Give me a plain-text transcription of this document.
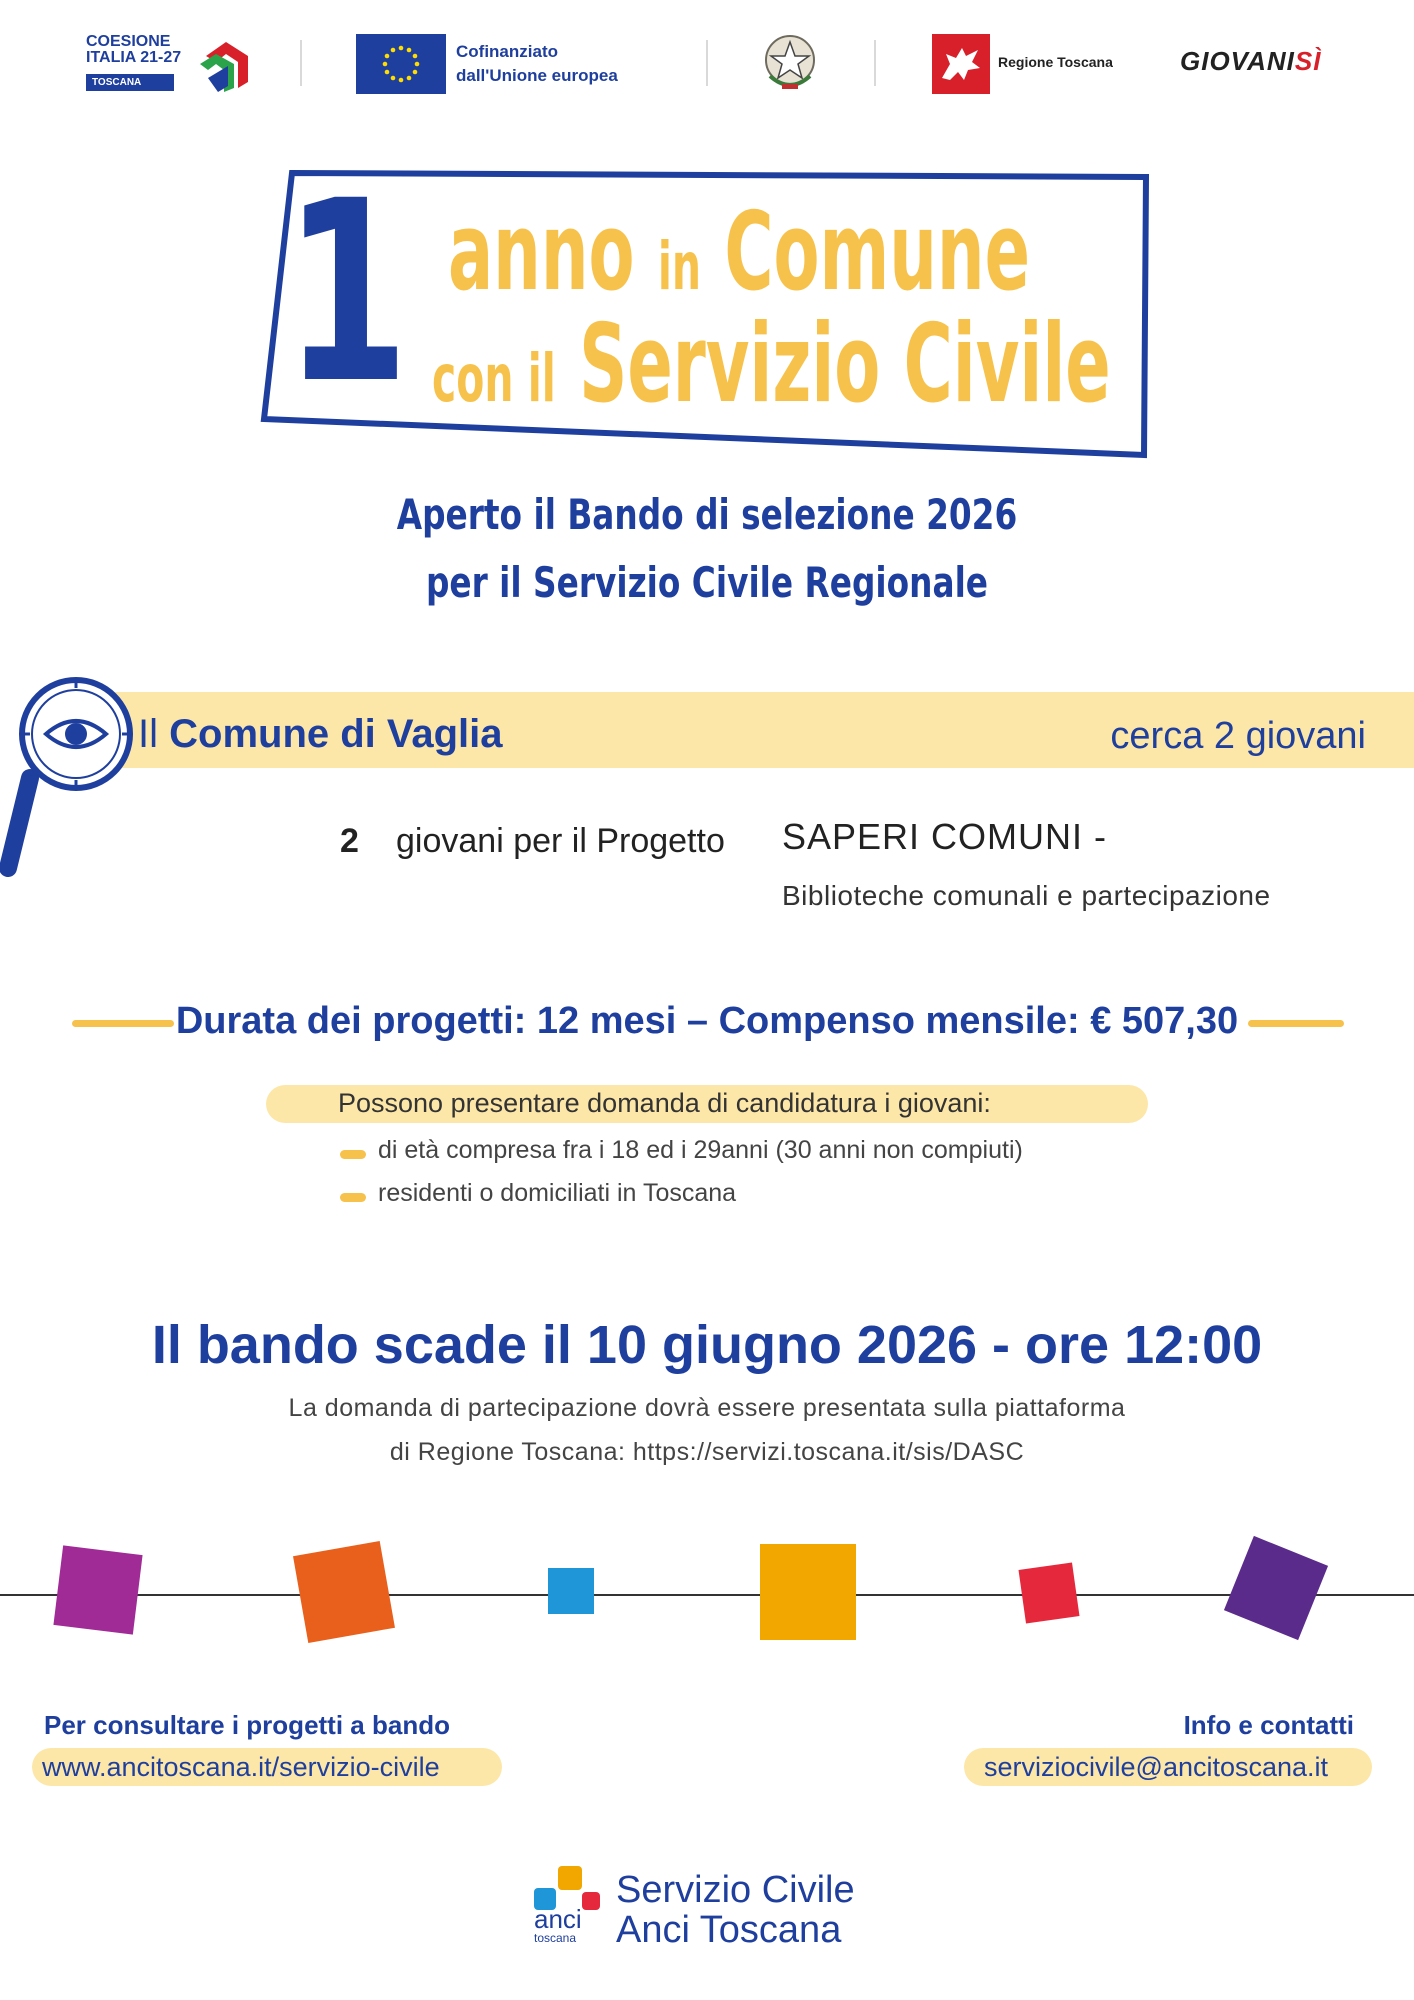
COESIONE ITALIA 21-27
TOSCANA
Cofinanziato
dall'Unione europea
Regione Toscana	GIOVANISÌ
1 anno in Comune
con il Servizio Civile
Aperto il Bando di selezione 2026
per il Servizio Civile Regionale
Il Comune di Vaglia	cerca 2 giovani
2 giovani per il Progetto SAPERI COMUNI -
Biblioteche comunali e partecipazione
Durata dei progetti: 12 mesi – Compenso mensile: € 507,30
Possono presentare domanda di candidatura i giovani:
di età compresa fra i 18 ed i 29anni (30 anni non compiuti)
residenti o domiciliati in Toscana
Il bando scade il 10 giugno 2026 - ore 12:00
La domanda di partecipazione dovrà essere presentata sulla piattaforma
di Regione Toscana: https://servizi.toscana.it/sis/DASC
Per consultare i progetti a bando
www.ancitoscana.it/servizio-civile
Info e contatti
serviziocivile@ancitoscana.it
anci
toscana
Servizio Civile
Anci Toscana
